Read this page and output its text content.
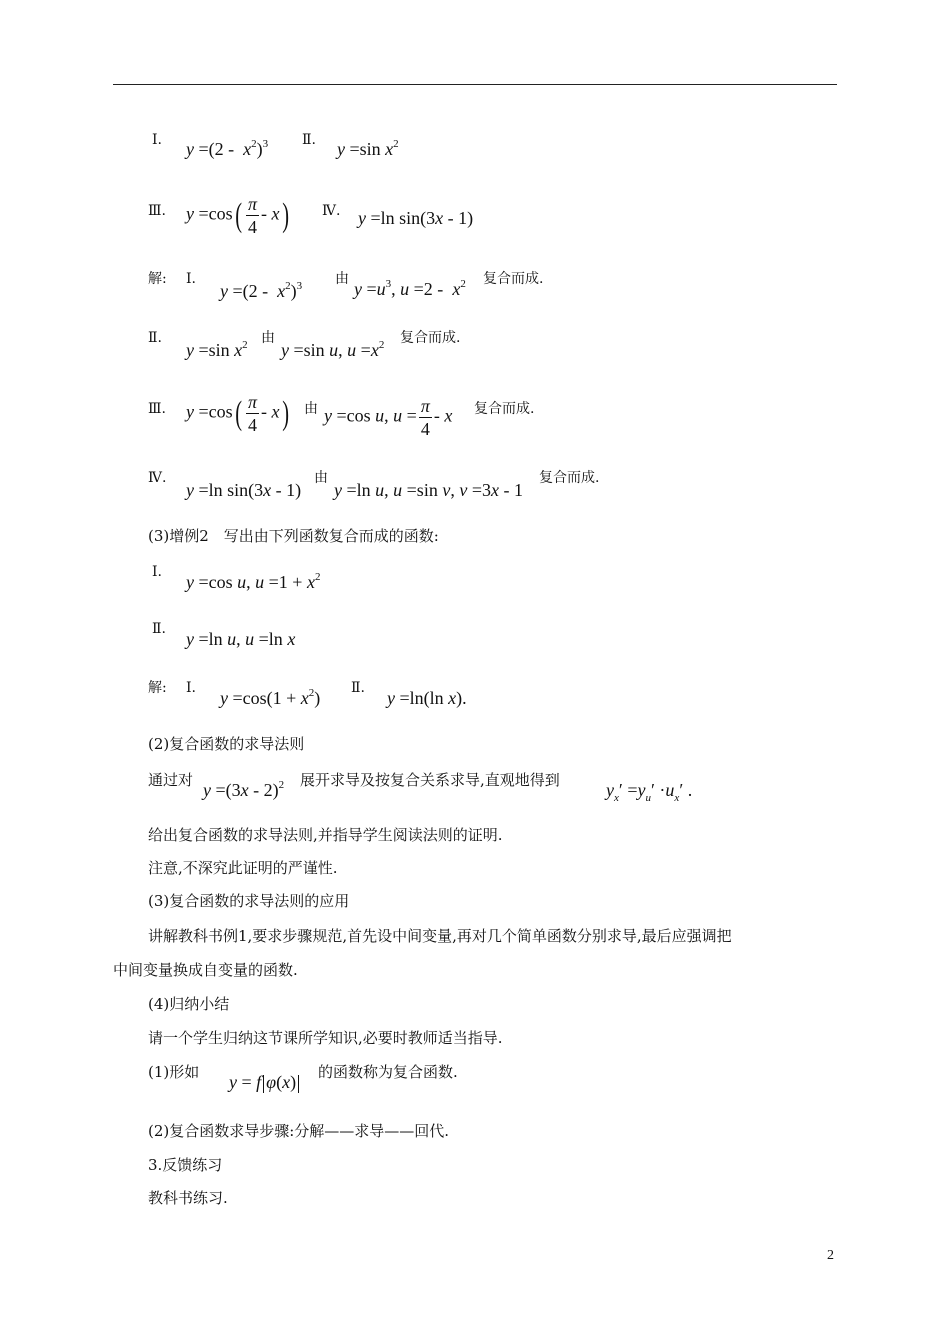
Ⅰ. $y =(2 - x^2)^3$ Ⅱ. y =sin $x^2$
Ⅲ. $y =\cos( \frac{\pi}{4} - x)$ Ⅳ. y =ln sin(3x - 1)
解: Ⅰ.
$y =(2 - x^2)^3$ 由 $y =u^3$, $u =2 - x^2$ 复合而成.
Ⅱ.
y =sin $x^2$ 由
y =sin u, $u =x^2$ 复合而成.
Ⅲ. $y =\cos( \frac{\pi}{4} - x)$ 由 y =cos u, $u = \frac{\pi}{4} - x$ 复合而成.
Ⅳ.
y =ln sin(3x - 1)
由
y =ln u, u =sin v, v =3x - 1
复合而成.
(3)增例2　写出由下列函数复合而成的函数:
Ⅰ. y =cos u, $u =1 + x^2$
Ⅱ. y =ln u, u =ln x
解: Ⅰ. $y =\cos(1 + x^2)$ Ⅱ. y =ln(ln x).
(2)复合函数的求导法则
通过对 y =(3x - 2)$^2$ 展开求导及按复合关系求导,直观地得到	$y_x' =y_u' \cdot u_x'$ .
给出复合函数的求导法则,并指导学生阅读法则的证明.
注意,不深究此证明的严谨性.
(3)复合函数的求导法则的应用
讲解教科书例1,要求步骤规范,首先设中间变量,再对几个简单函数分别求导,最后应强调把
中间变量换成自变量的函数.
(4)归纳小结
请一个学生归纳这节课所学知识,必要时教师适当指导.
(1)形如 y = f φ(x)	的函数称为复合函数.
(2)复合函数求导步骤:分解——求导——回代.
3.反馈练习
教科书练习.
2
